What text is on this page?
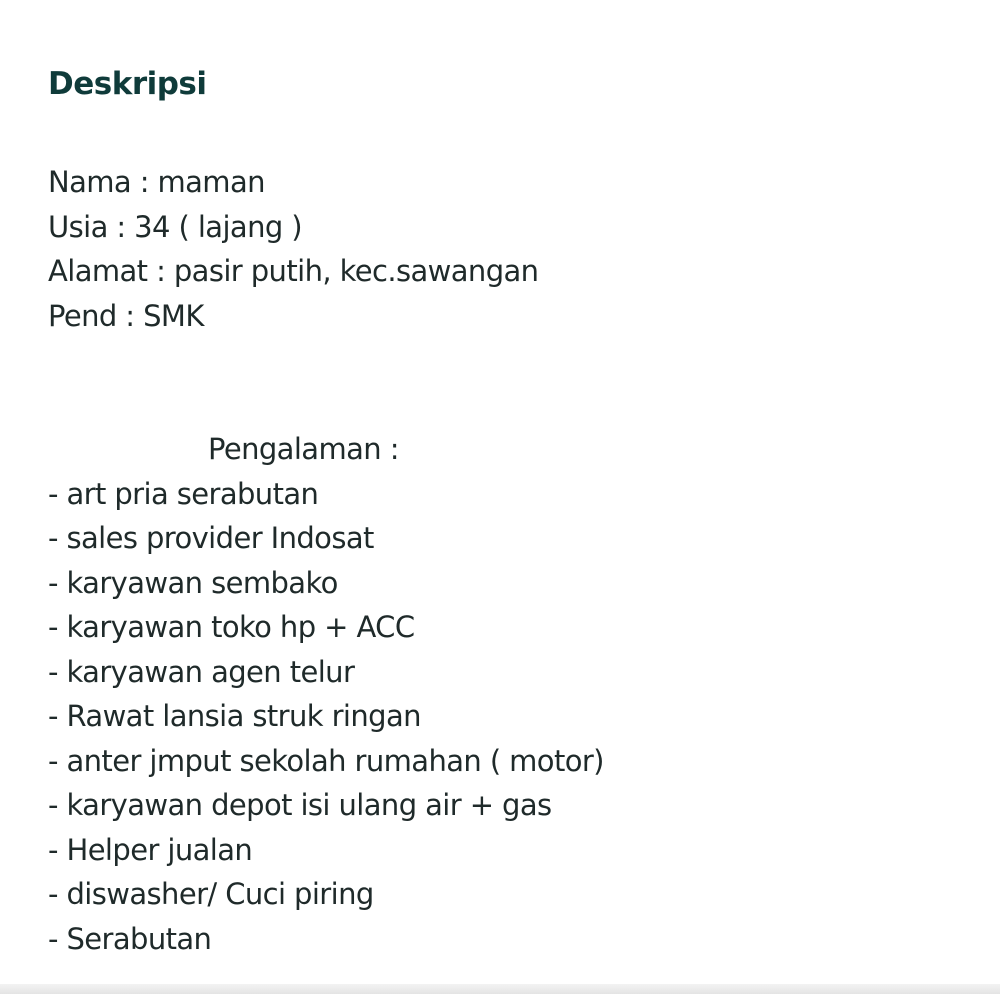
Deskripsi
Nama : maman
Usia : 34 ( lajang )
Alamat : pasir putih, kec.sawangan
Pend : SMK
Pengalaman :
- art pria serabutan
- sales provider Indosat
- karyawan sembako
- karyawan toko hp + ACC
- karyawan agen telur
- Rawat lansia struk ringan
- anter jmput sekolah rumahan ( motor)
- karyawan depot isi ulang air + gas
- Helper jualan
- diswasher/ Cuci piring
- Serabutan
